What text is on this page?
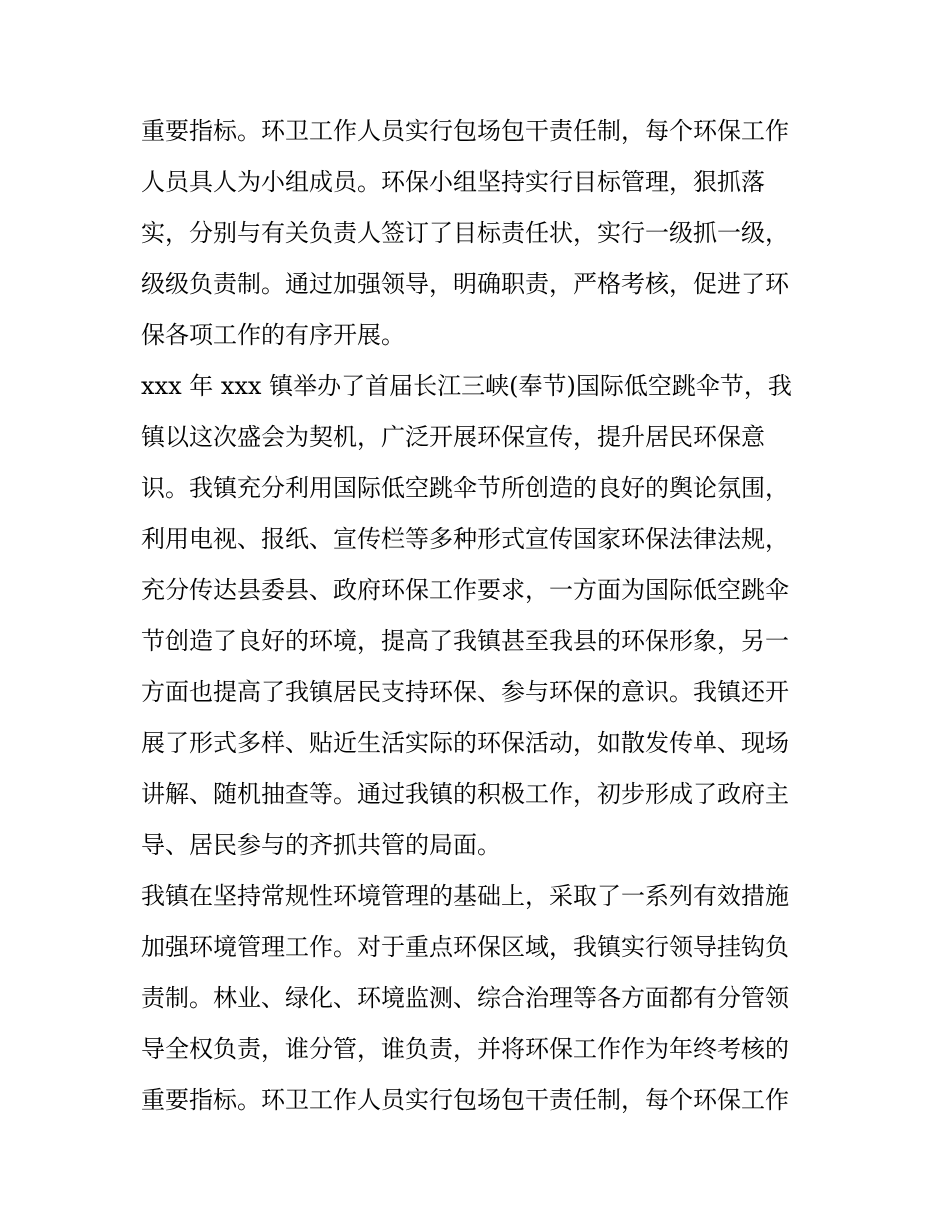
重要指标。环卫工作人员实行包场包干责任制，每个环保工作
人员具人为小组成员。环保小组坚持实行目标管理，狠抓落
实，分别与有关负责人签订了目标责任状，实行一级抓一级，
级级负责制。通过加强领导，明确职责，严格考核，促进了环
保各项工作的有序开展。
xxx 年 xxx 镇举办了首届长江三峡(奉节)国际低空跳伞节，我
镇以这次盛会为契机，广泛开展环保宣传，提升居民环保意
识。我镇充分利用国际低空跳伞节所创造的良好的舆论氛围，
利用电视、报纸、宣传栏等多种形式宣传国家环保法律法规，
充分传达县委县、政府环保工作要求，一方面为国际低空跳伞
节创造了良好的环境，提高了我镇甚至我县的环保形象，另一
方面也提高了我镇居民支持环保、参与环保的意识。我镇还开
展了形式多样、贴近生活实际的环保活动，如散发传单、现场
讲解、随机抽查等。通过我镇的积极工作，初步形成了政府主
导、居民参与的齐抓共管的局面。
我镇在坚持常规性环境管理的基础上，采取了一系列有效措施
加强环境管理工作。对于重点环保区域，我镇实行领导挂钩负
责制。林业、绿化、环境监测、综合治理等各方面都有分管领
导全权负责，谁分管，谁负责，并将环保工作作为年终考核的
重要指标。环卫工作人员实行包场包干责任制，每个环保工作
